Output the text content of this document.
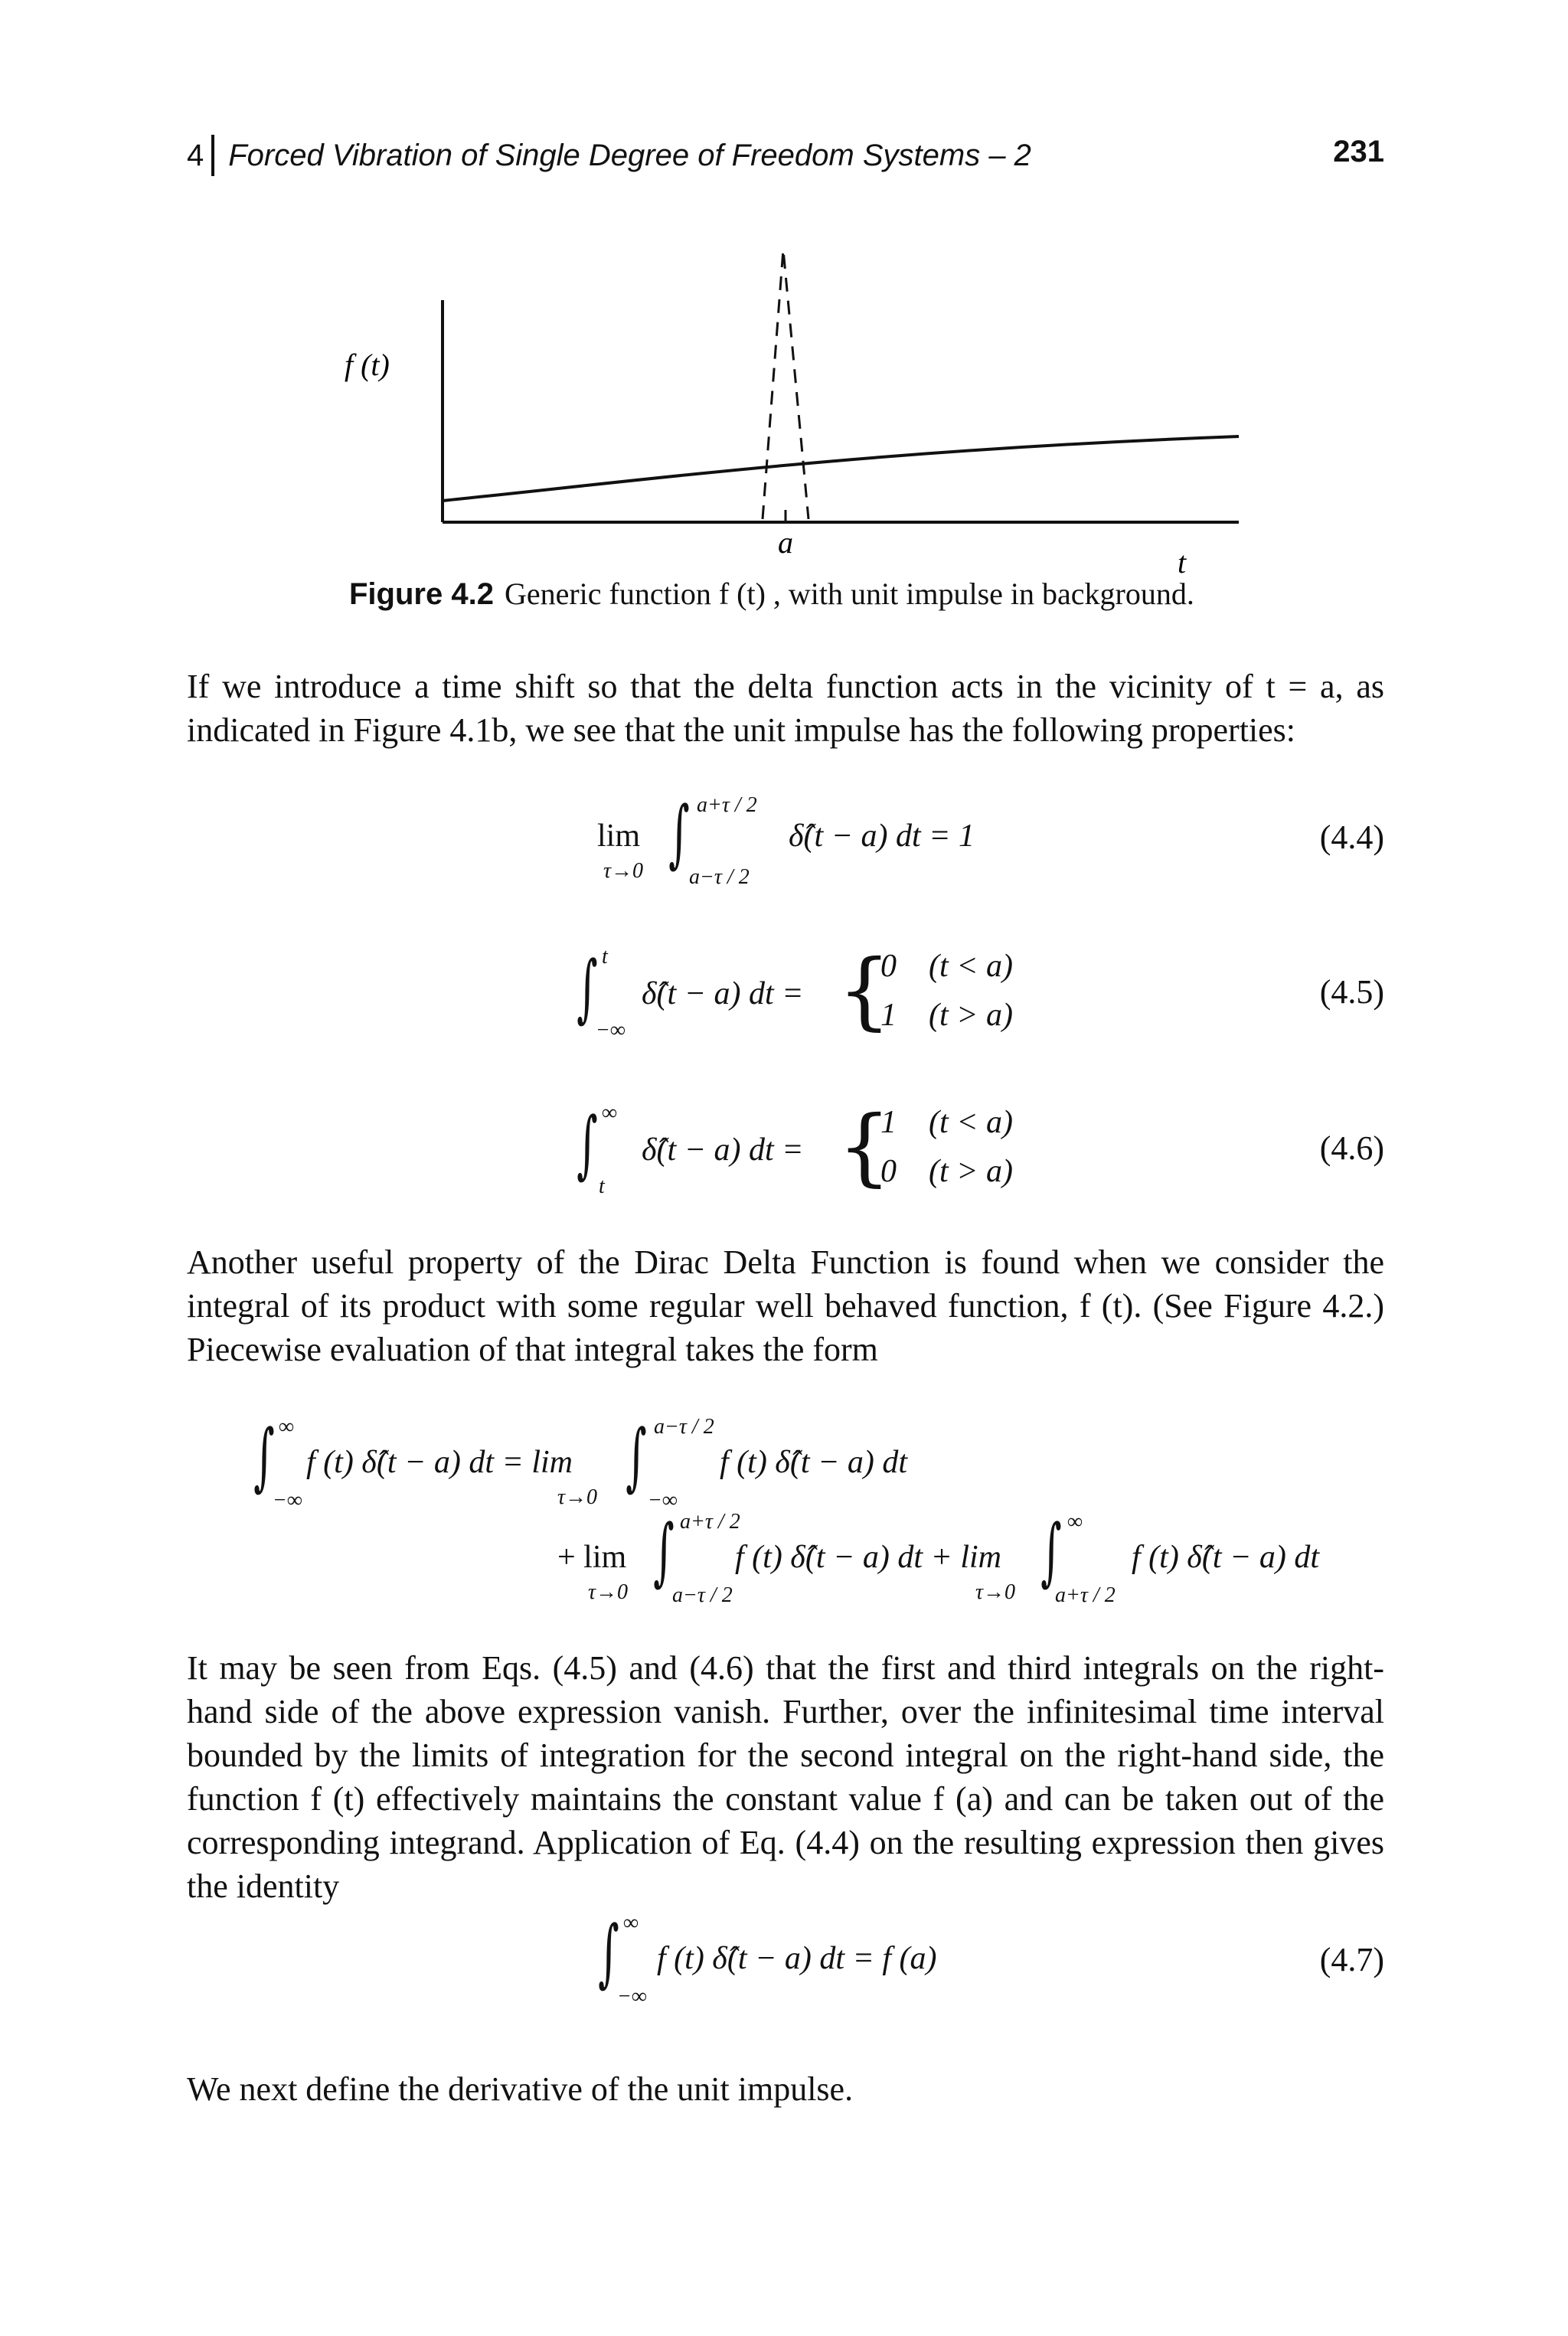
4 Forced Vibration of Single Degree of Freedom Systems – 2	231
f (t)
a
t
Figure 4.2 Generic function f (t) , with unit impulse in background.
If we introduce a time shift so that the delta function acts in the vicinity of t = a, as indicated in Figure 4.1b, we see that the unit impulse has the following properties:
lim
τ→0 ∫ a+τ / 2
a−τ / 2
δ̂(t − a) dt = 1	(4.4)
∫ t
−∞
δ̂(t − a) dt = {
0    (t < a)
1    (t > a)
(4.5)
∫ ∞
t
δ̂(t − a) dt = {
1    (t < a)
0    (t > a)
(4.6)
Another useful property of the Dirac Delta Function is found when we consider the integral of its product with some regular well behaved function, f (t). (See Figure 4.2.) Piecewise evaluation of that integral takes the form
∫ ∞
−∞
f (t) δ̂(t − a) dt = lim
τ→0 ∫ a−τ / 2
−∞
f (t) δ̂(t − a) dt
+ lim
τ→0 ∫ a+τ / 2
a−τ / 2
f (t) δ̂(t − a) dt + lim
τ→0 ∫ ∞
a+τ / 2
f (t) δ̂(t − a) dt
It may be seen from Eqs. (4.5) and (4.6) that the first and third integrals on the right-hand side of the above expression vanish. Further, over the infinitesimal time interval bounded by the limits of integration for the second integral on the right-hand side, the function f (t) effectively maintains the constant value f (a) and can be taken out of the corresponding integrand. Application of Eq. (4.4) on the resulting expression then gives the identity
∫ ∞
−∞
f (t) δ̂(t − a) dt = f (a)	(4.7)
We next define the derivative of the unit impulse.
